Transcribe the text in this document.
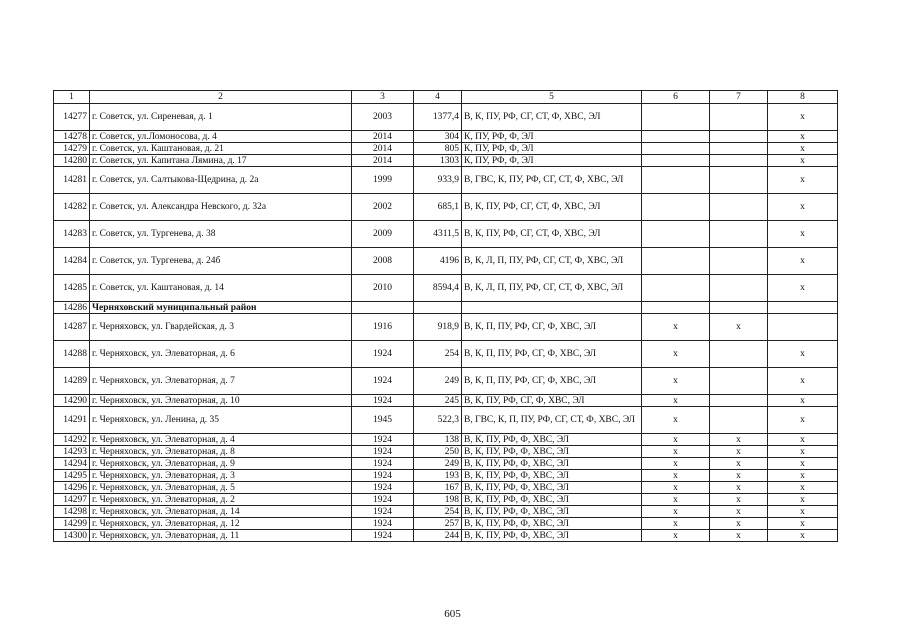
1	2	3	4	5	6	7	8
14277	г. Советск, ул. Сиреневая, д. 1	2003	1377,4	В, К, ПУ, РФ, СГ, СТ, Ф, ХВС, ЭЛ			x
14278	г. Советск, ул.Ломоносова, д. 4	2014	304	К, ПУ, РФ, Ф, ЭЛ			x
14279	г. Советск, ул. Каштановая, д. 21	2014	805	К, ПУ, РФ, Ф, ЭЛ			x
14280	г. Советск, ул. Капитана Лямина, д. 17	2014	1303	К, ПУ, РФ, Ф, ЭЛ			x
14281	г. Советск, ул. Салтыкова-Щедрина, д. 2а	1999	933,9	В, ГВС, К, ПУ, РФ, СГ, СТ, Ф, ХВС, ЭЛ			x
14282	г. Советск, ул. Александра Невского, д. 32а	2002	685,1	В, К, ПУ, РФ, СГ, СТ, Ф, ХВС, ЭЛ			x
14283	г. Советск, ул. Тургенева, д. 38	2009	4311,5	В, К, ПУ, РФ, СГ, СТ, Ф, ХВС, ЭЛ			x
14284	г. Советск, ул. Тургенева, д. 24б	2008	4196	В, К, Л, П, ПУ, РФ, СГ, СТ, Ф, ХВС, ЭЛ			x
14285	г. Советск, ул. Каштановая, д. 14	2010	8594,4	В, К, Л, П, ПУ, РФ, СГ, СТ, Ф, ХВС, ЭЛ			x
14286	Черняховский муниципальный район						
14287	г. Черняховск, ул. Гвардейская, д. 3	1916	918,9	В, К, П, ПУ, РФ, СГ, Ф, ХВС, ЭЛ	x	x	
14288	г. Черняховск, ул. Элеваторная, д. 6	1924	254	В, К, П, ПУ, РФ, СГ, Ф, ХВС, ЭЛ	x		x
14289	г. Черняховск, ул. Элеваторная, д. 7	1924	249	В, К, П, ПУ, РФ, СГ, Ф, ХВС, ЭЛ	x		x
14290	г. Черняховск, ул. Элеваторная, д. 10	1924	245	В, К, ПУ, РФ, СГ, Ф, ХВС, ЭЛ	x		x
14291	г. Черняховск, ул. Ленина, д. 35	1945	522,3	В, ГВС, К, П, ПУ, РФ, СГ, СТ, Ф, ХВС, ЭЛ	x		x
14292	г. Черняховск, ул. Элеваторная, д. 4	1924	138	В, К, ПУ, РФ, Ф, ХВС, ЭЛ	x	x	x
14293	г. Черняховск, ул. Элеваторная, д. 8	1924	250	В, К, ПУ, РФ, Ф, ХВС, ЭЛ	x	x	x
14294	г. Черняховск, ул. Элеваторная, д. 9	1924	249	В, К, ПУ, РФ, Ф, ХВС, ЭЛ	x	x	x
14295	г. Черняховск, ул. Элеваторная, д. 3	1924	193	В, К, ПУ, РФ, Ф, ХВС, ЭЛ	x	x	x
14296	г. Черняховск, ул. Элеваторная, д. 5	1924	167	В, К, ПУ, РФ, Ф, ХВС, ЭЛ	x	x	x
14297	г. Черняховск, ул. Элеваторная, д. 2	1924	198	В, К, ПУ, РФ, Ф, ХВС, ЭЛ	x	x	x
14298	г. Черняховск, ул. Элеваторная, д. 14	1924	254	В, К, ПУ, РФ, Ф, ХВС, ЭЛ	x	x	x
14299	г. Черняховск, ул. Элеваторная, д. 12	1924	257	В, К, ПУ, РФ, Ф, ХВС, ЭЛ	x	x	x
14300	г. Черняховск, ул. Элеваторная, д. 11	1924	244	В, К, ПУ, РФ, Ф, ХВС, ЭЛ	x	x	x
605
